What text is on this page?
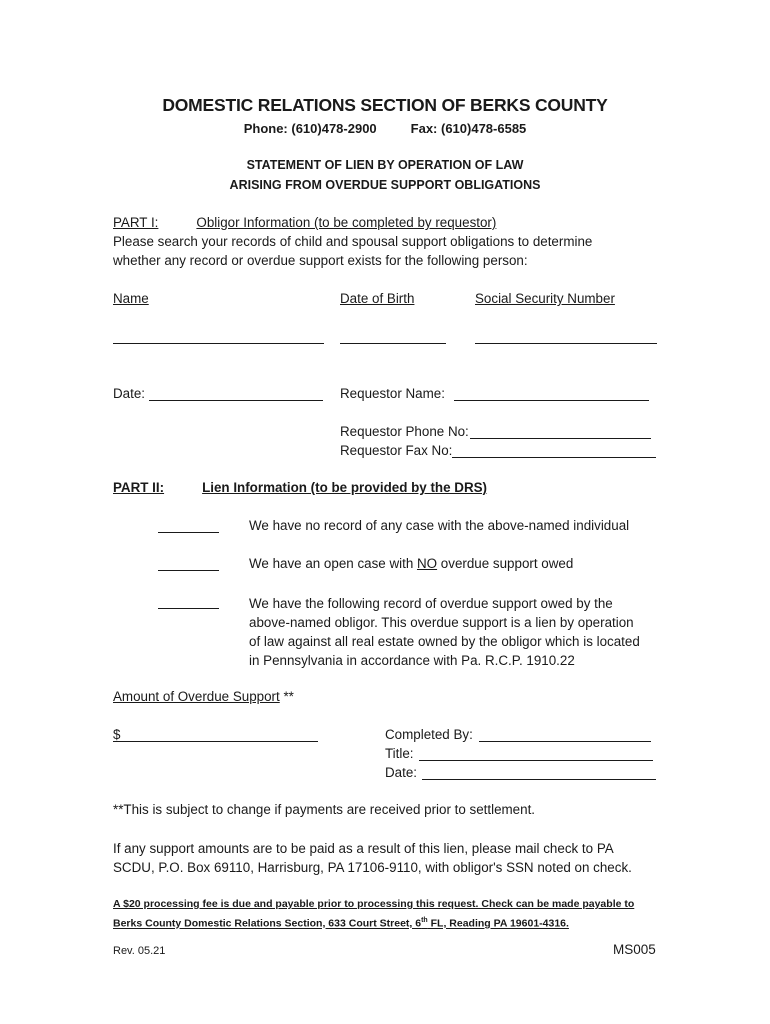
DOMESTIC RELATIONS SECTION OF BERKS COUNTY
Phone: (610)478-2900	Fax: (610)478-6585
STATEMENT OF LIEN BY OPERATION OF LAW
ARISING FROM OVERDUE SUPPORT OBLIGATIONS
PART I:	Obligor Information (to be completed by requestor)
Please search your records of child and spousal support obligations to determine
whether any record or overdue support exists for the following person:
Name	Date of Birth	Social Security Number
Date:	Requestor Name:
Requestor Phone No:
Requestor Fax No:
PART II:	Lien Information (to be provided by the DRS)
We have no record of any case with the above-named individual
We have an open case with NO overdue support owed
We have the following record of overdue support owed by the
above-named obligor. This overdue support is a lien by operation
of law against all real estate owned by the obligor which is located
in Pennsylvania in accordance with Pa. R.C.P. 1910.22
Amount of Overdue Support **
$	Completed By:
Title:
Date:
**This is subject to change if payments are received prior to settlement.
If any support amounts are to be paid as a result of this lien, please mail check to PA
SCDU, P.O. Box 69110, Harrisburg, PA 17106-9110, with obligor's SSN noted on check.
A $20 processing fee is due and payable prior to processing this request. Check can be made payable to
Berks County Domestic Relations Section, 633 Court Street, 6th FL, Reading PA 19601-4316.
Rev. 05.21	MS005
